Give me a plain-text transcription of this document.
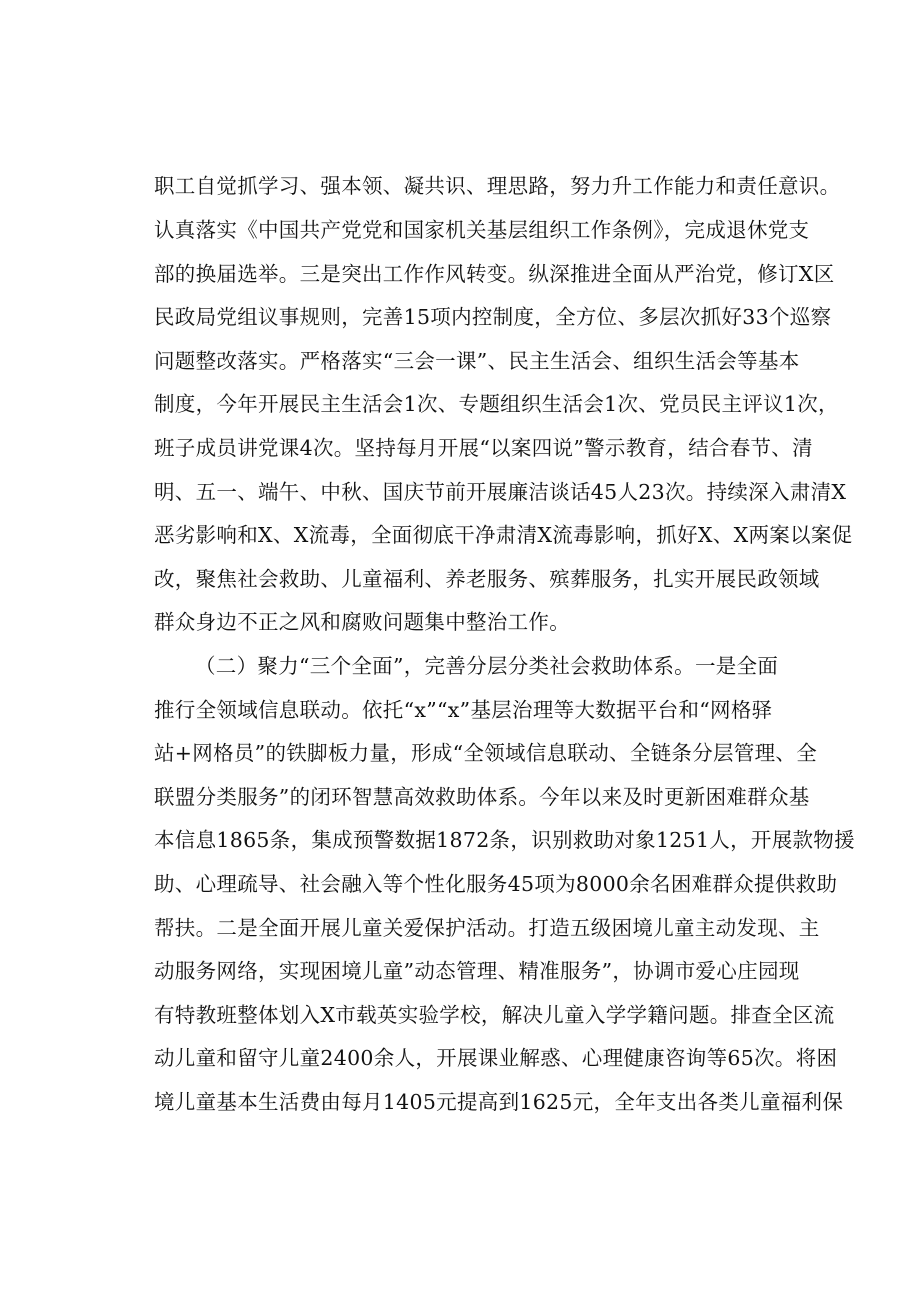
职工自觉抓学习、强本领、凝共识、理思路，努力升工作能力和责任意识。
认真落实《中国共产党党和国家机关基层组织工作条例》，完成退休党支
部的换届选举。三是突出工作作风转变。纵深推进全面从严治党，修订X区
民政局党组议事规则，完善15项内控制度，全方位、多层次抓好33个巡察
问题整改落实。严格落实“三会一课”、民主生活会、组织生活会等基本
制度，今年开展民主生活会1次、专题组织生活会1次、党员民主评议1次，
班子成员讲党课4次。坚持每月开展“以案四说”警示教育，结合春节、清
明、五一、端午、中秋、国庆节前开展廉洁谈话45人23次。持续深入肃清X
恶劣影响和X、X流毒，全面彻底干净肃清X流毒影响，抓好X、X两案以案促
改，聚焦社会救助、儿童福利、养老服务、殡葬服务，扎实开展民政领域
群众身边不正之风和腐败问题集中整治工作。
（二）聚力“三个全面”，完善分层分类社会救助体系。一是全面
推行全领域信息联动。依托“x”“x”基层治理等大数据平台和“网格驿
站+网格员”的铁脚板力量，形成“全领域信息联动、全链条分层管理、全
联盟分类服务”的闭环智慧高效救助体系。今年以来及时更新困难群众基
本信息1865条，集成预警数据1872条，识别救助对象1251人，开展款物援
助、心理疏导、社会融入等个性化服务45项为8000余名困难群众提供救助
帮扶。二是全面开展儿童关爱保护活动。打造五级困境儿童主动发现、主
动服务网络，实现困境儿童”动态管理、精准服务”，协调市爱心庄园现
有特教班整体划入X市载英实验学校，解决儿童入学学籍问题。排查全区流
动儿童和留守儿童2400余人，开展课业解惑、心理健康咨询等65次。将困
境儿童基本生活费由每月1405元提高到1625元，全年支出各类儿童福利保
